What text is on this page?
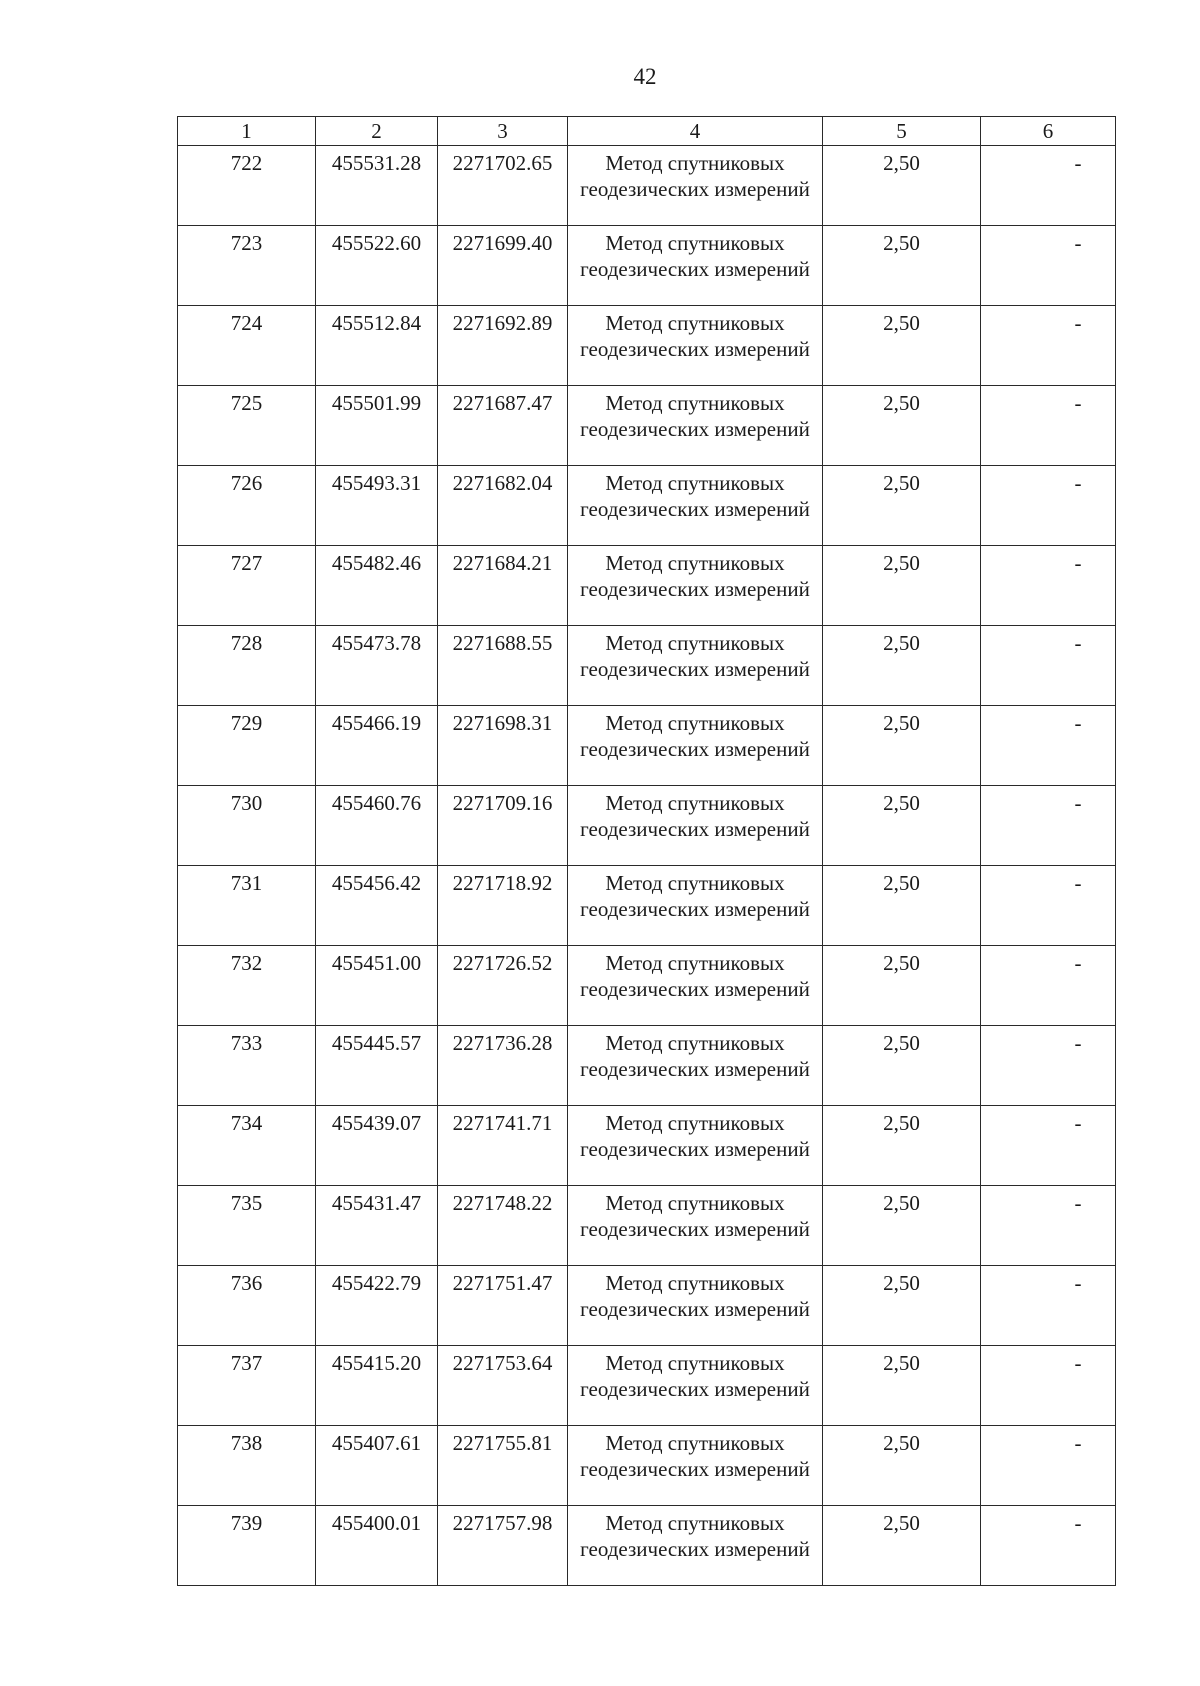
42
1	2	3	4	5	6

722	455531.28	2271702.65	Метод спутниковых геодезических измерений	2,50	-

723	455522.60	2271699.40	Метод спутниковых геодезических измерений	2,50	-

724	455512.84	2271692.89	Метод спутниковых геодезических измерений	2,50	-

725	455501.99	2271687.47	Метод спутниковых геодезических измерений	2,50	-

726	455493.31	2271682.04	Метод спутниковых геодезических измерений	2,50	-

727	455482.46	2271684.21	Метод спутниковых геодезических измерений	2,50	-

728	455473.78	2271688.55	Метод спутниковых геодезических измерений	2,50	-

729	455466.19	2271698.31	Метод спутниковых геодезических измерений	2,50	-

730	455460.76	2271709.16	Метод спутниковых геодезических измерений	2,50	-

731	455456.42	2271718.92	Метод спутниковых геодезических измерений	2,50	-

732	455451.00	2271726.52	Метод спутниковых геодезических измерений	2,50	-

733	455445.57	2271736.28	Метод спутниковых геодезических измерений	2,50	-

734	455439.07	2271741.71	Метод спутниковых геодезических измерений	2,50	-

735	455431.47	2271748.22	Метод спутниковых геодезических измерений	2,50	-

736	455422.79	2271751.47	Метод спутниковых геодезических измерений	2,50	-

737	455415.20	2271753.64	Метод спутниковых геодезических измерений	2,50	-

738	455407.61	2271755.81	Метод спутниковых геодезических измерений	2,50	-

739	455400.01	2271757.98	Метод спутниковых геодезических измерений	2,50	-
